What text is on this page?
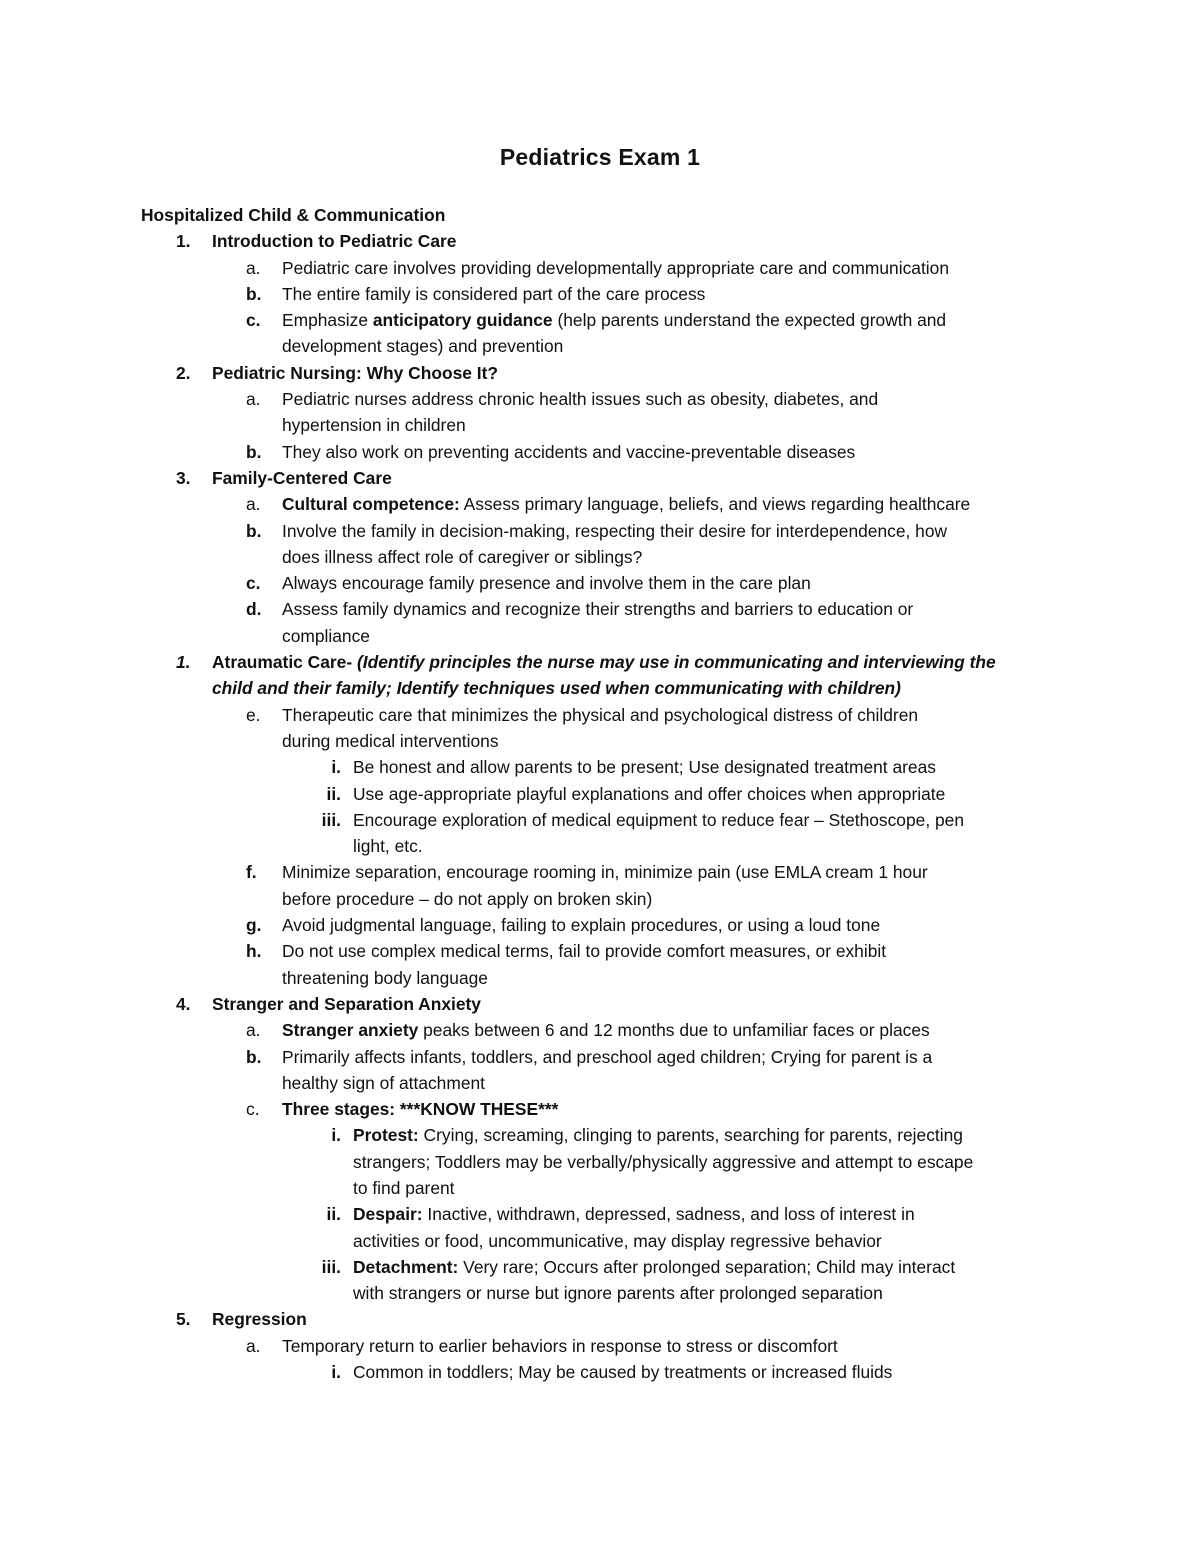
Pediatrics Exam 1
Hospitalized Child & Communication
1.	Introduction to Pediatric Care
a.	Pediatric care involves providing developmentally appropriate care and communication
b.	The entire family is considered part of the care process
c.	Emphasize anticipatory guidance (help parents understand the expected growth and
development stages) and prevention
2.	Pediatric Nursing: Why Choose It?
a.	Pediatric nurses address chronic health issues such as obesity, diabetes, and
hypertension in children
b.	They also work on preventing accidents and vaccine-preventable diseases
3.	Family-Centered Care
a.	Cultural competence: Assess primary language, beliefs, and views regarding healthcare
b.	Involve the family in decision-making, respecting their desire for interdependence, how
does illness affect role of caregiver or siblings?
c.	Always encourage family presence and involve them in the care plan
d.	Assess family dynamics and recognize their strengths and barriers to education or
compliance
1.	Atraumatic Care- (Identify principles the nurse may use in communicating and interviewing the
child and their family; Identify techniques used when communicating with children)
e.	Therapeutic care that minimizes the physical and psychological distress of children
during medical interventions
i. Be honest and allow parents to be present; Use designated treatment areas
ii. Use age-appropriate playful explanations and offer choices when appropriate
iii. Encourage exploration of medical equipment to reduce fear – Stethoscope, pen
light, etc.
f.	Minimize separation, encourage rooming in, minimize pain (use EMLA cream 1 hour
before procedure – do not apply on broken skin)
g.	Avoid judgmental language, failing to explain procedures, or using a loud tone
h.	Do not use complex medical terms, fail to provide comfort measures, or exhibit
threatening body language
4.	Stranger and Separation Anxiety
a.	Stranger anxiety peaks between 6 and 12 months due to unfamiliar faces or places
b.	Primarily affects infants, toddlers, and preschool aged children; Crying for parent is a
healthy sign of attachment
c.	Three stages: ***KNOW THESE***
i. Protest: Crying, screaming, clinging to parents, searching for parents, rejecting
strangers; Toddlers may be verbally/physically aggressive and attempt to escape
to find parent
ii. Despair: Inactive, withdrawn, depressed, sadness, and loss of interest in
activities or food, uncommunicative, may display regressive behavior
iii. Detachment: Very rare; Occurs after prolonged separation; Child may interact
with strangers or nurse but ignore parents after prolonged separation
5.	Regression
a.	Temporary return to earlier behaviors in response to stress or discomfort
i. Common in toddlers; May be caused by treatments or increased fluids
